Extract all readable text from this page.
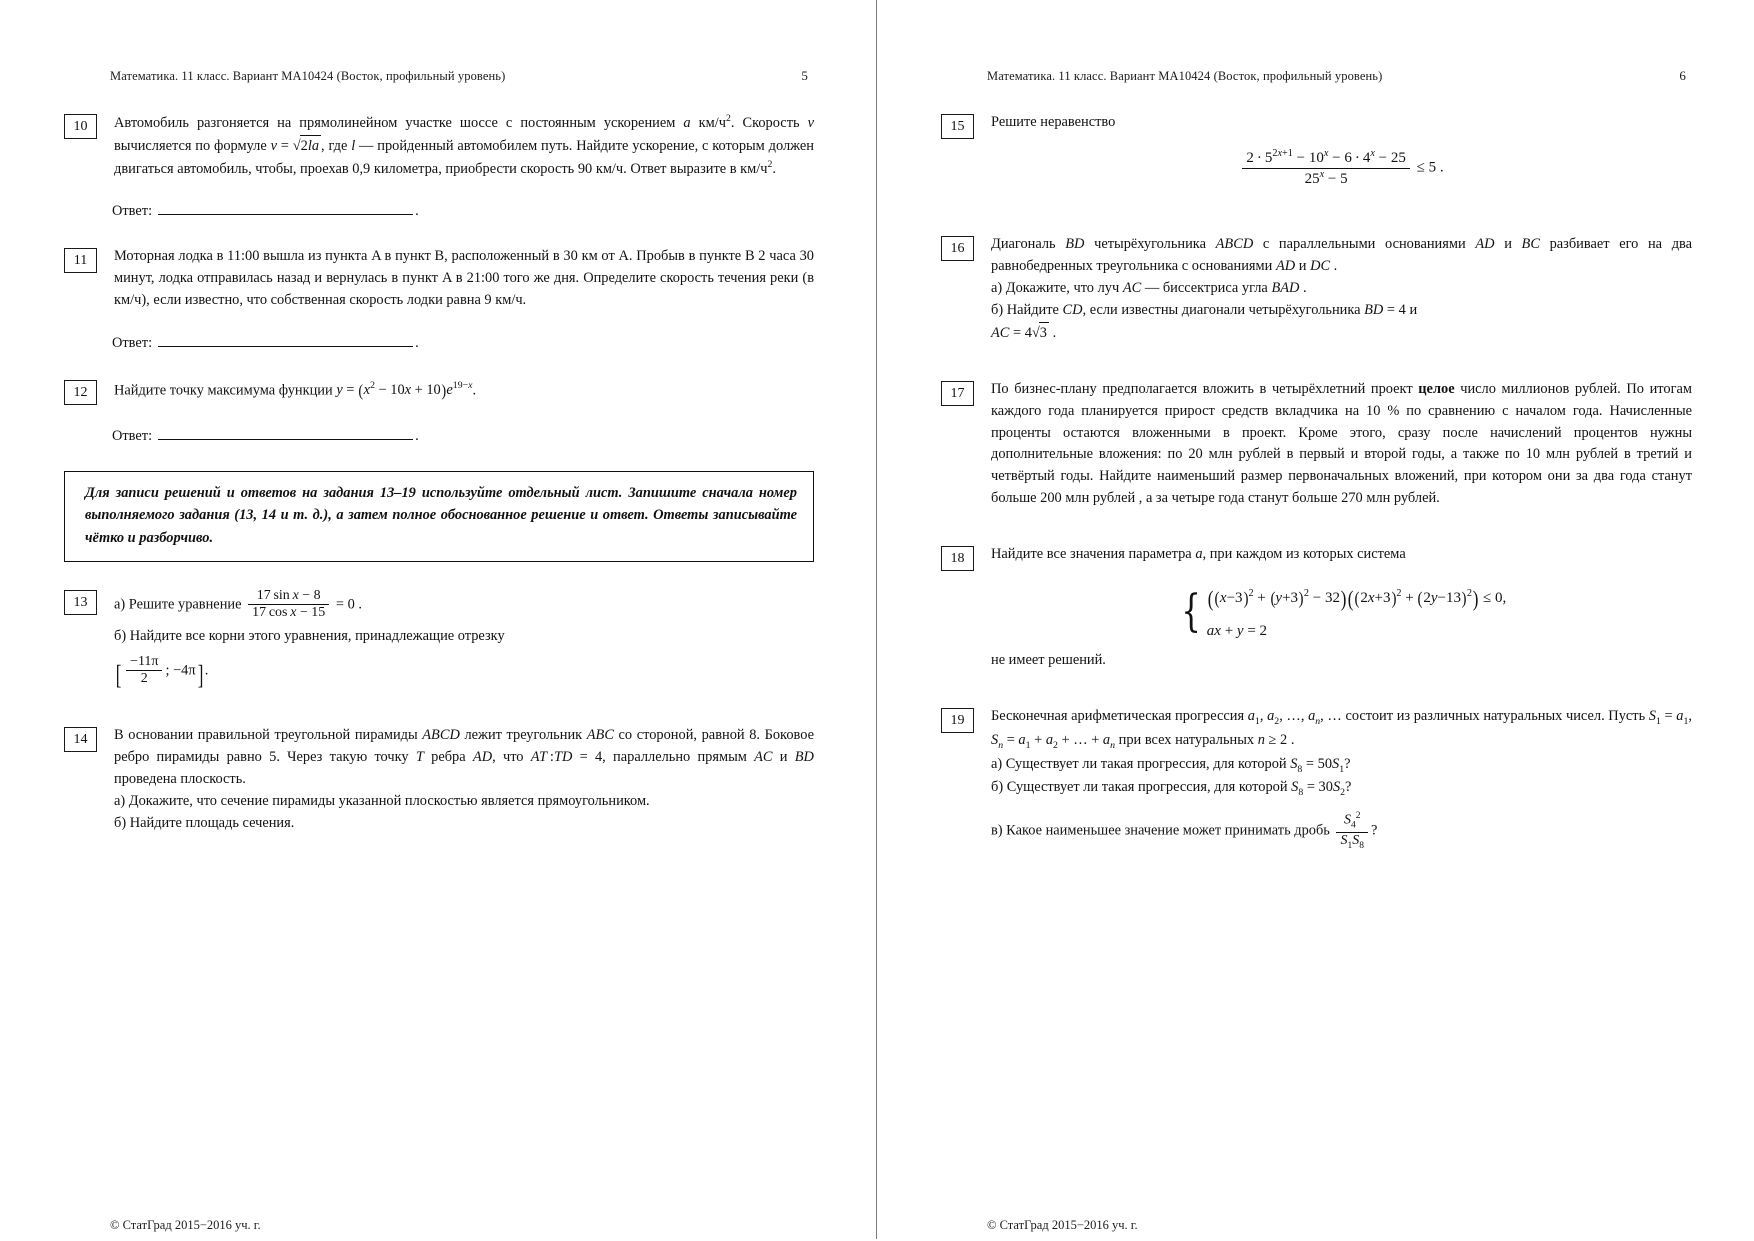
Математика. 11 класс. Вариант МА10424 (Восток, профильный уровень)	5
10	Автомобиль разгоняется на прямолинейном участке шоссе с постоянным ускорением a $км/ч^2$. Скорость v вычисляется по формуле v = √2la , где l — пройденный автомобилем путь. Найдите ускорение, с которым должен двигаться автомобиль, чтобы, проехав 0,9 километра, приобрести скорость 90 км/ч. Ответ выразите в $км/ч^2$.

Ответ:	.
11	Моторная лодка в 11:00 вышла из пункта A в пункт B, расположенный в 30 км от A. Пробыв в пункте B 2 часа 30 минут, лодка отправилась назад и вернулась в пункт A в 21:00 того же дня. Определите скорость течения реки (в км/ч), если известно, что собственная скорость лодки равна 9 км/ч.

Ответ:	.
12	Найдите точку максимума функции $y = (x^2 - 10x + 10)e^{19-x}$.

Ответ:	.
Для записи решений и ответов на задания 13–19 используйте отдельный лист. Запишите сначала номер выполняемого задания (13, 14 и т. д.), а затем полное обоснованное решение и ответ. Ответы записывайте чётко и разборчиво.
13	а) Решите уравнение $\frac{\text{17 sin x − 8}}{\text{17 cos x − 15}} = 0$ .

б) Найдите все корни этого уравнения, принадлежащие отрезку

[ $\frac{-11\pi}{2}$ ; −4π] .

14	В основании правильной треугольной пирамиды ABCD лежит треугольник ABC со стороной, равной 8. Боковое ребро пирамиды равно 5. Через такую точку T ребра AD, что AT :TD = 4, параллельно прямым AC и BD проведена плоскость.

а) Докажите, что сечение пирамиды указанной плоскостью является прямоугольником.

б) Найдите площадь сечения.

© СтатГрад 2015−2016 уч. г.
Математика. 11 класс. Вариант МА10424 (Восток, профильный уровень)	6
15	Решите неравенство

$\frac{2 \cdot 5^{2x+1} - 10^x - 6 \cdot 4^x - 25}{25^x - 5} \le 5$ .
16	Диагональ BD четырёхугольника ABCD с параллельными основаниями AD и BC разбивает его на два равнобедренных треугольника с основаниями AD и DC .

а) Докажите, что луч AC — биссектриса угла BAD .

б) Найдите CD, если известны диагонали четырёхугольника BD = 4 и

AC = 4√3 .

17	По бизнес-плану предполагается вложить в четырёхлетний проект целое число миллионов рублей. По итогам каждого года планируется прирост средств вкладчика на 10 % по сравнению с началом года. Начисленные проценты остаются вложенными в проект. Кроме этого, сразу после начислений процентов нужны дополнительные вложения: по 20 млн рублей в первый и второй годы, а также по 10 млн рублей в третий и четвёртый годы. Найдите наименьший размер первоначальных вложений, при котором они за два года станут больше 200 млн рублей , а за четыре года станут больше 270 млн рублей.

18	Найдите все значения параметра a, при каждом из которых система

{ $((x-3)^2 + (y+3)^2 - 32)((2x+3)^2 + (2y-13)^2) \le 0$,
ax + y = 2

не имеет решений.

19	Бесконечная арифметическая прогрессия $a_1$, $a_2$, …, $a_n$, … состоит из различных натуральных чисел. Пусть $S_1 = a_1$, $S_n = a_1 + a_2$ + … + $a_n$ при всех натуральных n ≥ 2 .

а) Существует ли такая прогрессия, для которой $S_8 = 50S_1$?

б) Существует ли такая прогрессия, для которой $S_8 = 30S_2$?

в) Какое наименьшее значение может принимать дробь $\frac{S_4^2}{S_1S_8}$ ?

© СтатГрад 2015−2016 уч. г.
